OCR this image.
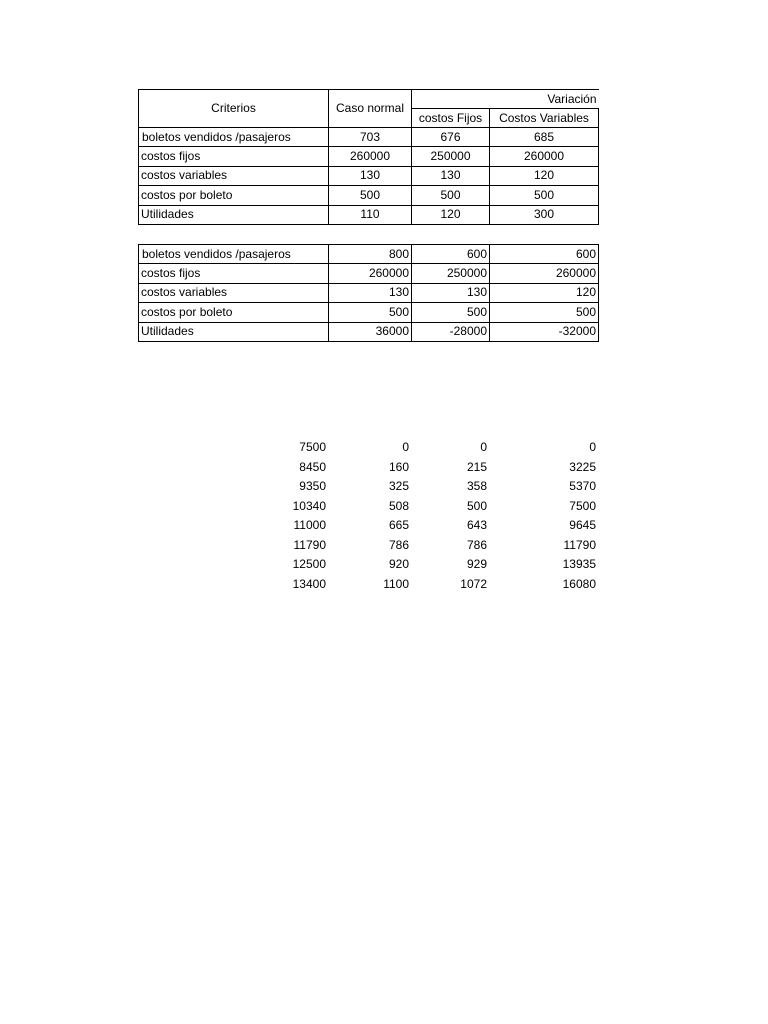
Criterios	Caso normal	Variación	
		costos Fijos	Costos Variables
boletos vendidos /pasajeros	703	676	685
costos fijos	260000	250000	260000
costos variables	130	130	120
costos por boleto	500	500	500
Utilidades	110	120	300
boletos vendidos /pasajeros	800	600	600
costos fijos	260000	250000	260000
costos variables	130	130	120
costos por boleto	500	500	500
Utilidades	36000	-28000	-32000
7500	0	0	0
8450	160	215	3225
9350	325	358	5370
10340	508	500	7500
11000	665	643	9645
11790	786	786	11790
12500	920	929	13935
13400	1100	1072	16080
